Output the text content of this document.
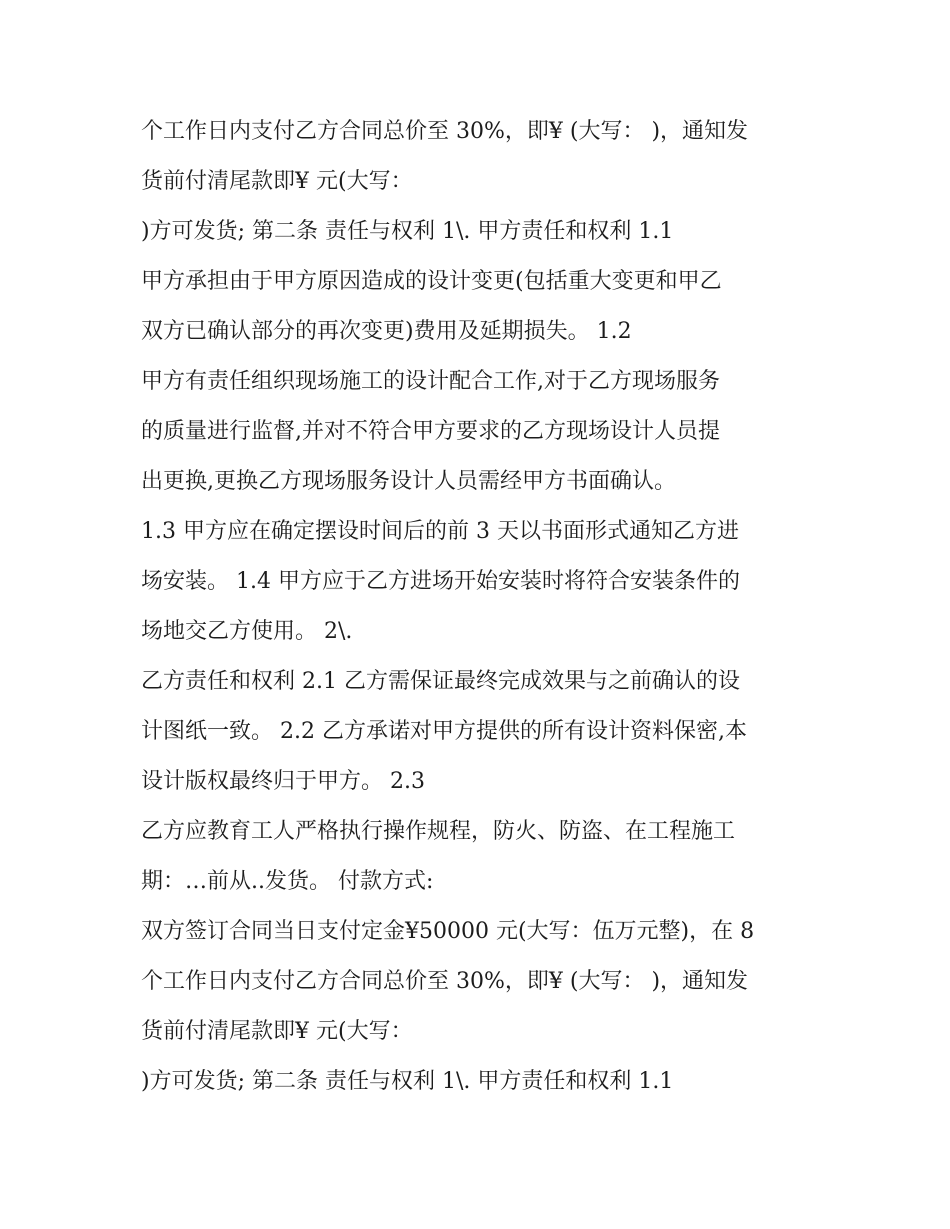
个工作日内支付乙方合同总价至 30%，即¥ (大写： )，通知发
货前付清尾款即¥ 元(大写：
)方可发货; 第二条 责任与权利 1\. 甲方责任和权利 1.1
甲方承担由于甲方原因造成的设计变更(包括重大变更和甲乙
双方已确认部分的再次变更)费用及延期损失。 1.2
甲方有责任组织现场施工的设计配合工作,对于乙方现场服务
的质量进行监督,并对不符合甲方要求的乙方现场设计人员提
出更换,更换乙方现场服务设计人员需经甲方书面确认。
1.3 甲方应在确定摆设时间后的前 3 天以书面形式通知乙方进
场安装。 1.4 甲方应于乙方进场开始安装时将符合安装条件的
场地交乙方使用。 2\.
乙方责任和权利 2.1 乙方需保证最终完成效果与之前确认的设
计图纸一致。 2.2 乙方承诺对甲方提供的所有设计资料保密,本
设计版权最终归于甲方。 2.3
乙方应教育工人严格执行操作规程，防火、防盗、在工程施工
期：…前从..发货。 付款方式:
双方签订合同当日支付定金¥50000 元(大写：伍万元整)，在 8
个工作日内支付乙方合同总价至 30%，即¥ (大写： )，通知发
货前付清尾款即¥ 元(大写：
)方可发货; 第二条 责任与权利 1\. 甲方责任和权利 1.1
